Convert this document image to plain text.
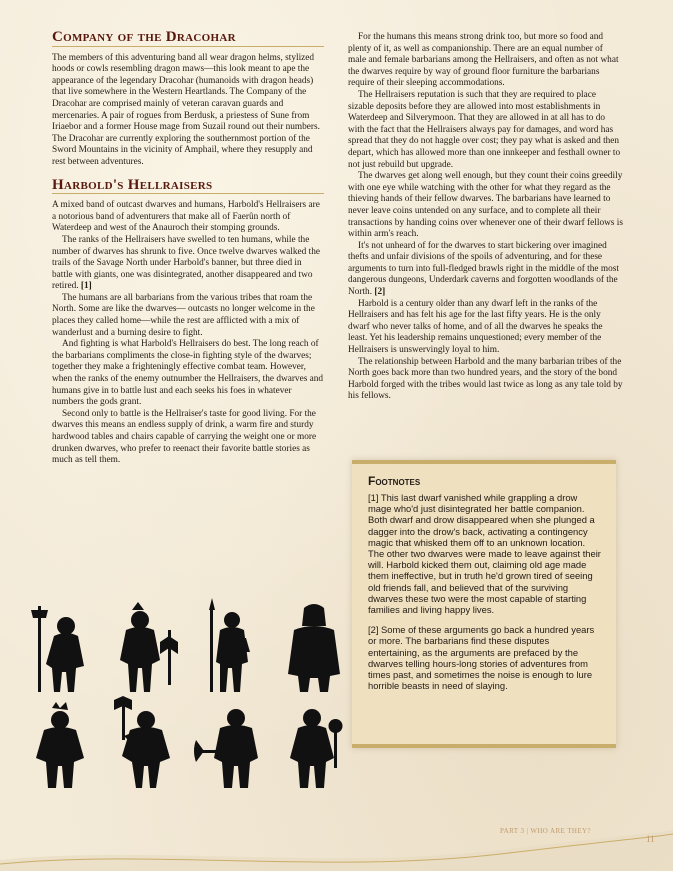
Company of the Dracohar

The members of this adventuring band all wear dragon helms, stylized hoods or cowls resembling dragon maws—this look meant to ape the appearance of the legendary Dracohar (humanoids with dragon heads) that live somewhere in the Western Heartlands. The Company of the Dracohar are comprised mainly of veteran caravan guards and mercenaries. A pair of rogues from Berdusk, a priestess of Sune from Iriaebor and a former House mage from Suzail round out their numbers. The Dracohar are currently exploring the southernmost portion of the Sword Mountains in the vicinity of Amphail, where they resupply and rest between adventures.

Harbold's Hellraisers

A mixed band of outcast dwarves and humans, Harbold's Hellraisers are a notorious band of adventurers that make all of Faerûn north of Waterdeep and west of the Anauroch their stomping grounds.

The ranks of the Hellraisers have swelled to ten humans, while the number of dwarves has shrunk to five. Once twelve dwarves walked the trails of the Savage North under Harbold's banner, but three died in battle with giants, one was disintegrated, another disappeared and two retired. [1]

The humans are all barbarians from the various tribes that roam the North. Some are like the dwarves— outcasts no longer welcome in the places they called home—while the rest are afflicted with a mix of wanderlust and a burning desire to fight.

And fighting is what Harbold's Hellraisers do best. The long reach of the barbarians compliments the close-in fighting style of the dwarves; together they make a frighteningly effective combat team. However, when the ranks of the enemy outnumber the Hellraisers, the dwarves and humans give in to battle lust and each seeks his foes in whatever numbers the gods grant.

Second only to battle is the Hellraiser's taste for good living. For the dwarves this means an endless supply of drink, a warm fire and sturdy hardwood tables and chairs capable of carrying the weight one or more drunken dwarves, who prefer to reenact their favorite battle stories as much as tell them.

For the humans this means strong drink too, but more so food and plenty of it, as well as companionship. There are an equal number of male and female barbarians among the Hellraisers, and often as not what the dwarves require by way of ground floor furniture the barbarians require of their sleeping accommodations.

The Hellraisers reputation is such that they are required to place sizable deposits before they are allowed into most establishments in Waterdeep and Silverymoon. That they are allowed in at all has to do with the fact that the Hellraisers always pay for damages, and word has spread that they do not haggle over cost; they pay what is asked and then depart, which has allowed more than one innkeeper and festhall owner to not just rebuild but upgrade.

The dwarves get along well enough, but they count their coins greedily with one eye while watching with the other for what they regard as the thieving hands of their fellow dwarves. The barbarians have learned to never leave coins untended on any surface, and to complete all their transactions by handing coins over whenever one of their dwarf fellows is within arm's reach.

It's not unheard of for the dwarves to start bickering over imagined thefts and unfair divisions of the spoils of adventuring, and for these arguments to turn into full-fledged brawls right in the middle of the most dangerous dungeons, Underdark caverns and forgotten woodlands of the North. [2]

Harbold is a century older than any dwarf left in the ranks of the Hellraisers and has felt his age for the last fifty years. He is the only dwarf who never talks of home, and of all the dwarves he speaks the least. Yet his leadership remains unquestioned; every member of the Hellraisers is unswervingly loyal to him.

The relationship between Harbold and the many barbarian tribes of the North goes back more than two hundred years, and the story of the bond Harbold forged with the tribes would last twice as long as any tale told by his fellows.

Footnotes

[1] This last dwarf vanished while grappling a drow mage who'd just disintegrated her battle companion. Both dwarf and drow disappeared when she plunged a dagger into the drow's back, activating a contingency magic that whisked them off to an unknown location. The other two dwarves were made to leave against their will. Harbold kicked them out, claiming old age made them ineffective, but in truth he'd grown tired of seeing old friends fall, and believed that of the surviving dwarves these two were the most capable of starting families and living happy lives.

[2] Some of these arguments go back a hundred years or more. The barbarians find these disputes entertaining, as the arguments are prefaced by the dwarves telling hours-long stories of adventures from times past, and sometimes the noise is enough to lure horrible beasts in need of slaying.

PART 3 | WHO ARE THEY?
11
